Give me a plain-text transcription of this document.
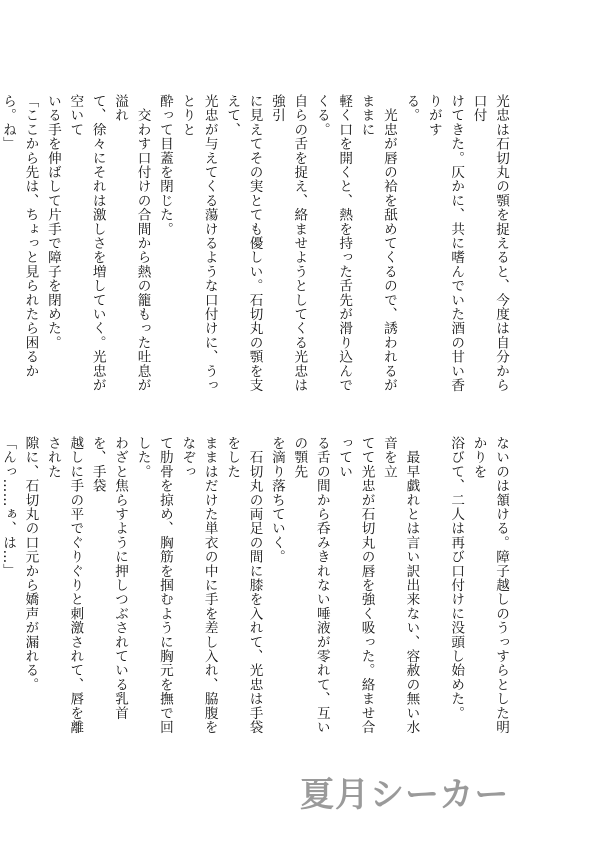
光忠は石切丸の顎を捉えると、今度は自分から口付

けてきた。仄かに、共に嗜んでいた酒の甘い香りがす

る。

　光忠が唇の袷を舐めてくるので、誘われるがままに

軽く口を開くと、熱を持った舌先が滑り込んでくる。

自らの舌を捉え、絡ませようとしてくる光忠は強引

に見えてその実とても優しい。石切丸の顎を支えて、

光忠が与えてくる蕩けるような口付けに、うっとりと

酔って目蓋を閉じた。

　交わす口付けの合間から熱の籠もった吐息が溢れ

て、徐々にそれは激しさを増していく。光忠が空いて

いる手を伸ばして片手で障子を閉めた。

「ここから先は、ちょっと見られたら困るから。ね」

ないのは頷ける。障子越しのうっすらとした明かりを

浴びて、二人は再び口付けに没頭し始めた。

　最早戯れとは言い訳出来ない、容赦の無い水音を立

てて光忠が石切丸の唇を強く吸った。絡ませ合ってい

る舌の間から呑みきれない唾液が零れて、互いの顎先

を滴り落ちていく。

　石切丸の両足の間に膝を入れて、光忠は手袋をした

ままはだけた単衣の中に手を差し入れ、脇腹をなぞっ

て肋骨を掠め、胸筋を掴むように胸元を撫で回した。

わざと焦らすように押しつぶされている乳首を、手袋

越しに手の平でぐりぐりと刺激されて、唇を離された

隙に、石切丸の口元から嬌声が漏れる。

「んっ……ぁ、は…」

夏月シーカー
